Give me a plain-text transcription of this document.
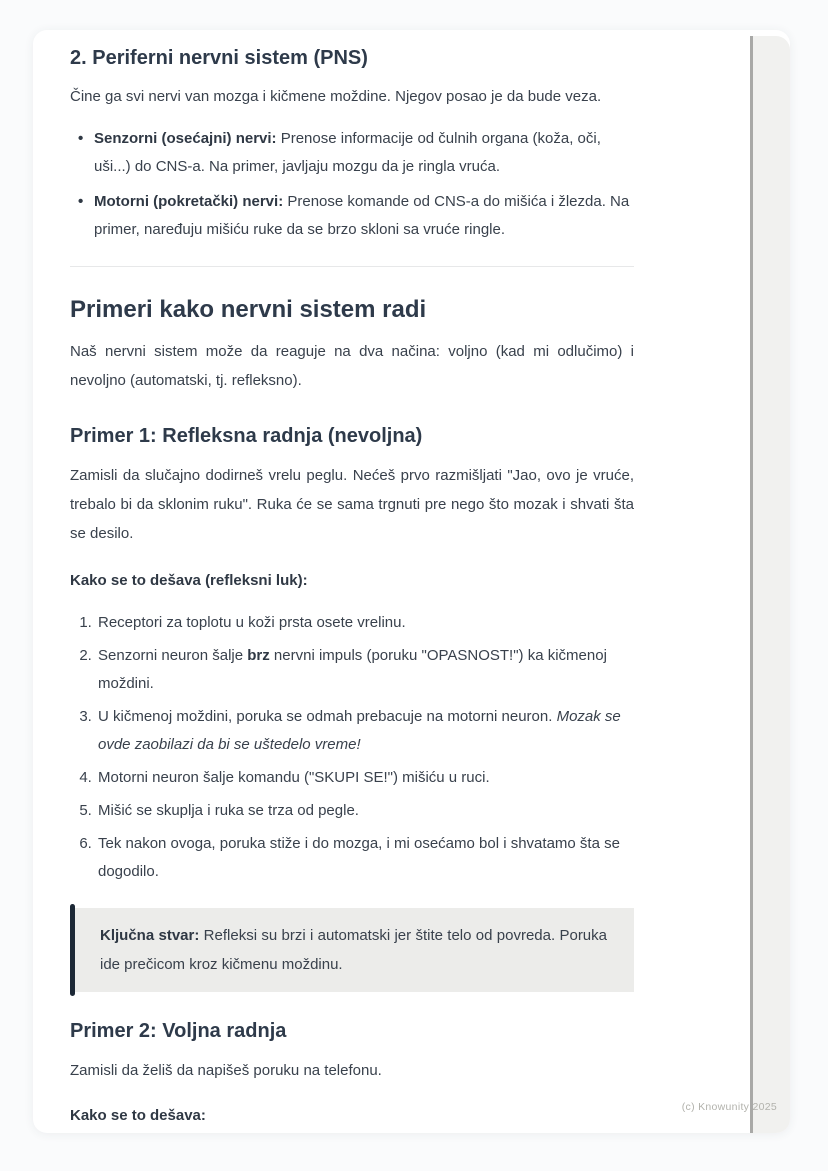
2. Periferni nervni sistem (PNS)

Čine ga svi nervi van mozga i kičmene moždine. Njegov posao je da bude veza.

• Senzorni (osećajni) nervi: Prenose informacije od čulnih organa (koža, oči, uši...) do CNS-a. Na primer, javljaju mozgu da je ringla vruća.
• Motorni (pokretački) nervi: Prenose komande od CNS-a do mišića i žlezda. Na primer, naređuju mišiću ruke da se brzo skloni sa vruće ringle.
Primeri kako nervni sistem radi

Naš nervni sistem može da reaguje na dva načina: voljno (kad mi odlučimo) i nevoljno (automatski, tj. refleksno).

Primer 1: Refleksna radnja (nevoljna)

Zamisli da slučajno dodirneš vrelu peglu. Nećeš prvo razmišljati "Jao, ovo je vruće, trebalo bi da sklonim ruku". Ruka će se sama trgnuti pre nego što mozak i shvati šta se desilo.

Kako se to dešava (refleksni luk):

1. Receptori za toplotu u koži prsta osete vrelinu.
2. Senzorni neuron šalje brz nervni impuls (poruku "OPASNOST!") ka kičmenoj moždini.
3. U kičmenoj moždini, poruka se odmah prebacuje na motorni neuron. Mozak se ovde zaobilazi da bi se uštedelo vreme!
4. Motorni neuron šalje komandu ("SKUPI SE!") mišiću u ruci.
5. Mišić se skuplja i ruka se trza od pegle.
6. Tek nakon ovoga, poruka stiže i do mozga, i mi osećamo bol i shvatamo šta se dogodilo.

Ključna stvar: Refleksi su brzi i automatski jer štite telo od povreda. Poruka ide prečicom kroz kičmenu moždinu.

Primer 2: Voljna radnja

Zamisli da želiš da napišeš poruku na telefonu.

Kako se to dešava:	(c) Knowunity 2025
